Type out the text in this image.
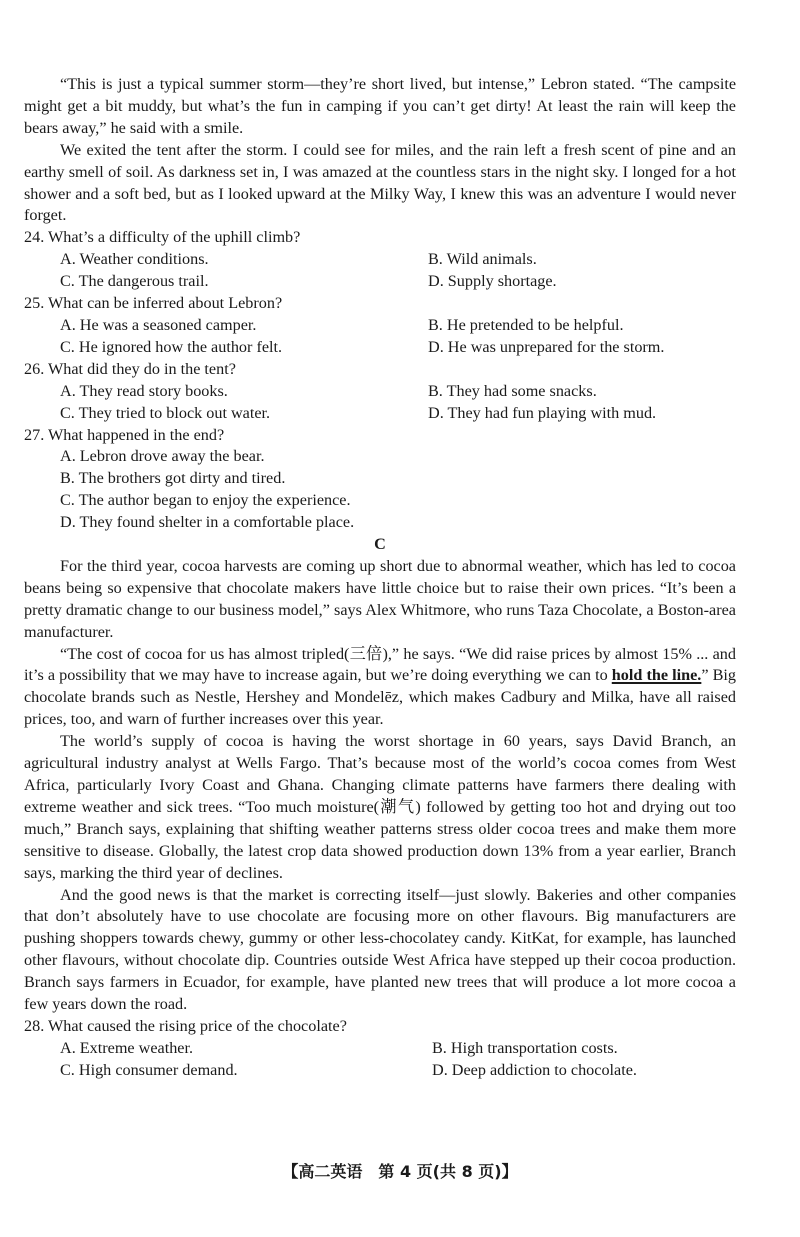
“This is just a typical summer storm—they’re short lived, but intense,” Lebron stated. “The campsite might get a bit muddy, but what’s the fun in camping if you can’t get dirty! At least the rain will keep the bears away,” he said with a smile.

We exited the tent after the storm. I could see for miles, and the rain left a fresh scent of pine and an earthy smell of soil. As darkness set in, I was amazed at the countless stars in the night sky. I longed for a hot shower and a soft bed, but as I looked upward at the Milky Way, I knew this was an adventure I would never forget.

24. What’s a difficulty of the uphill climb?

A. Weather conditions.	B. Wild animals.
C. The dangerous trail.	D. Supply shortage.

25. What can be inferred about Lebron?

A. He was a seasoned camper.	B. He pretended to be helpful.
C. He ignored how the author felt.	D. He was unprepared for the storm.

26. What did they do in the tent?

A. They read story books.	B. They had some snacks.
C. They tried to block out water.	D. They had fun playing with mud.

27. What happened in the end?

A. Lebron drove away the bear.
B. The brothers got dirty and tired.
C. The author began to enjoy the experience.
D. They found shelter in a comfortable place.

C

For the third year, cocoa harvests are coming up short due to abnormal weather, which has led to cocoa beans being so expensive that chocolate makers have little choice but to raise their own prices. “It’s been a pretty dramatic change to our business model,” says Alex Whitmore, who runs Taza Chocolate, a Boston-area manufacturer.

“The cost of cocoa for us has almost tripled(三倍),” he says. “We did raise prices by almost 15% ... and it’s a possibility that we may have to increase again, but we’re doing everything we can to hold the line.” Big chocolate brands such as Nestle, Hershey and Mondelēz, which makes Cadbury and Milka, have all raised prices, too, and warn of further increases over this year.

The world’s supply of cocoa is having the worst shortage in 60 years, says David Branch, an agricultural industry analyst at Wells Fargo. That’s because most of the world’s cocoa comes from West Africa, particularly Ivory Coast and Ghana. Changing climate patterns have farmers there dealing with extreme weather and sick trees. “Too much moisture(潮气) followed by getting too hot and drying out too much,” Branch says, explaining that shifting weather patterns stress older cocoa trees and make them more sensitive to disease. Globally, the latest crop data showed production down 13% from a year earlier, Branch says, marking the third year of declines.

And the good news is that the market is correcting itself—just slowly. Bakeries and other companies that don’t absolutely have to use chocolate are focusing more on other flavours. Big manufacturers are pushing shoppers towards chewy, gummy or other less-chocolatey candy. KitKat, for example, has launched other flavours, without chocolate dip. Countries outside West Africa have stepped up their cocoa production. Branch says farmers in Ecuador, for example, have planted new trees that will produce a lot more cocoa a few years down the road.

28. What caused the rising price of the chocolate?

A. Extreme weather.	B. High transportation costs.
C. High consumer demand.	D. Deep addiction to chocolate.
【高二英语　第 4 页(共 8 页)】
